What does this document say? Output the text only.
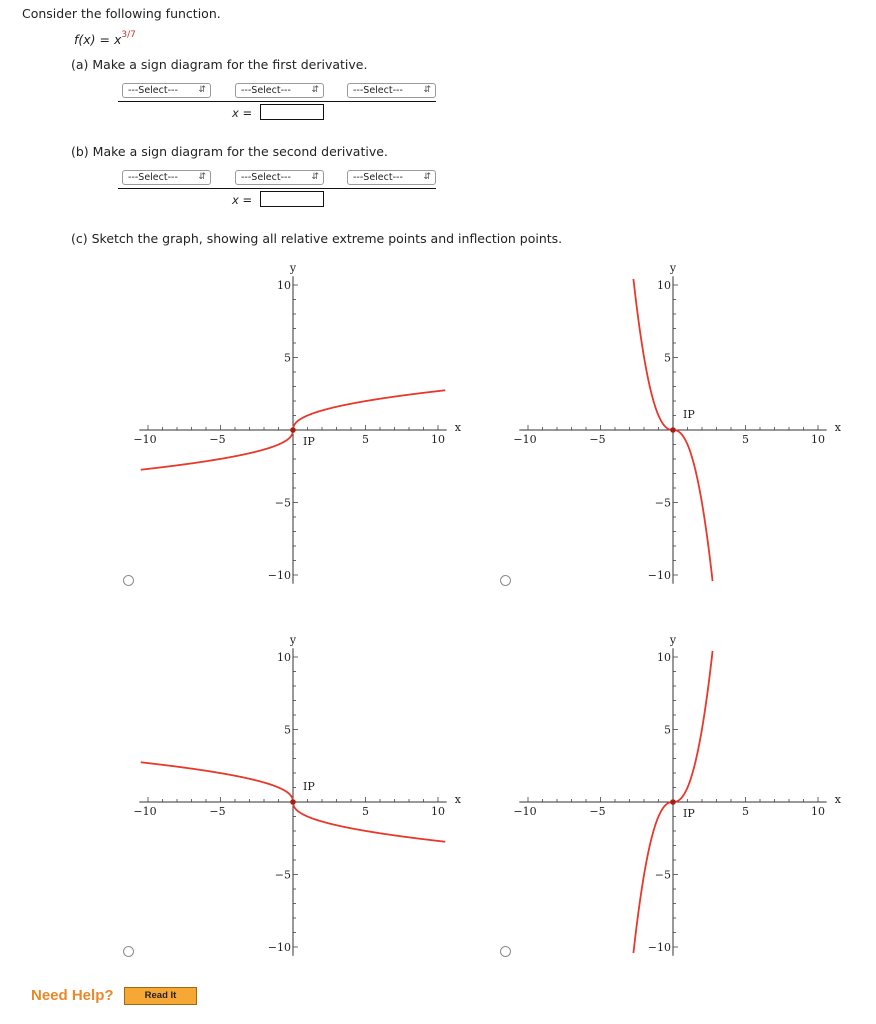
Consider the following function.
$f(x) = x^{3/7}$
(a) Make a sign diagram for the first derivative.
---Select--- ⇵	---Select--- ⇵	---Select--- ⇵
x =
(b) Make a sign diagram for the second derivative.
---Select--- ⇵	---Select--- ⇵	---Select--- ⇵
x =
(c) Sketch the graph, showing all relative extreme points and inflection points.
−10	−5	5	10
10
5
−5
−10
x
y
IP	−10	−5	5	10
10
5
−5
−10
x
y
IP
−10	−5	5	10
10
5
−5
−10
x
y
IP
−10	−5	5	10
10
5
−5
−10
x
y
IP
Need Help?	Read It
